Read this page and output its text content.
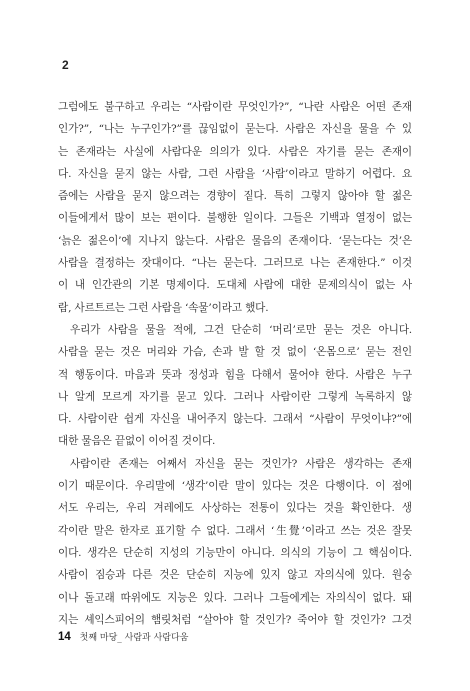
2
그럼에도 불구하고 우리는 “사람이란 무엇인가?”, “나란 사람은 어떤 존재
인가?”, “나는 누구인가?”를 끊임없이 묻는다. 사람은 자신을 물을 수 있
는 존재라는 사실에 사람다운 의의가 있다. 사람은 자기를 묻는 존재이
다. 자신을 묻지 않는 사람, 그런 사람을 ‘사람’이라고 말하기 어렵다. 요
즘에는 사람을 묻지 않으려는 경향이 짙다. 특히 그렇지 않아야 할 젊은
이들에게서 많이 보는 편이다. 불행한 일이다. 그들은 기백과 열정이 없는
‘늙은 젊은이’에 지나지 않는다. 사람은 물음의 존재이다. ‘묻는다는 것’은
사람을 결정하는 잣대이다. “나는 묻는다. 그러므로 나는 존재한다.” 이것
이 내 인간관의 기본 명제이다. 도대체 사람에 대한 문제의식이 없는 사
람, 사르트르는 그런 사람을 ‘속물’이라고 했다.
우리가 사람을 물을 적에, 그건 단순히 ‘머리’로만 묻는 것은 아니다.
사람을 묻는 것은 머리와 가슴, 손과 발 할 것 없이 ‘온몸으로’ 묻는 전인
적 행동이다. 마음과 뜻과 정성과 힘을 다해서 물어야 한다. 사람은 누구
나 알게 모르게 자기를 묻고 있다. 그러나 사람이란 그렇게 녹록하지 않
다. 사람이란 쉽게 자신을 내어주지 않는다. 그래서 “사람이 무엇이냐?”에
대한 물음은 끝없이 이어질 것이다.
사람이란 존재는 어째서 자신을 묻는 것인가? 사람은 생각하는 존재
이기 때문이다. 우리말에 ‘생각’이란 말이 있다는 것은 다행이다. 이 점에
서도 우리는, 우리 겨레에도 사상하는 전통이 있다는 것을 확인한다. 생
각이란 말은 한자로 표기할 수 없다. 그래서 ‘生覺’이라고 쓰는 것은 잘못
이다. 생각은 단순히 지성의 기능만이 아니다. 의식의 기능이 그 핵심이다.
사람이 짐승과 다른 것은 단순히 지능에 있지 않고 자의식에 있다. 원숭
이나 돌고래 따위에도 지능은 있다. 그러나 그들에게는 자의식이 없다. 돼
지는 셰익스피어의 햄릿처럼 “살아야 할 것인가? 죽어야 할 것인가? 그것
14 첫째 마당_ 사람과 사람다움
